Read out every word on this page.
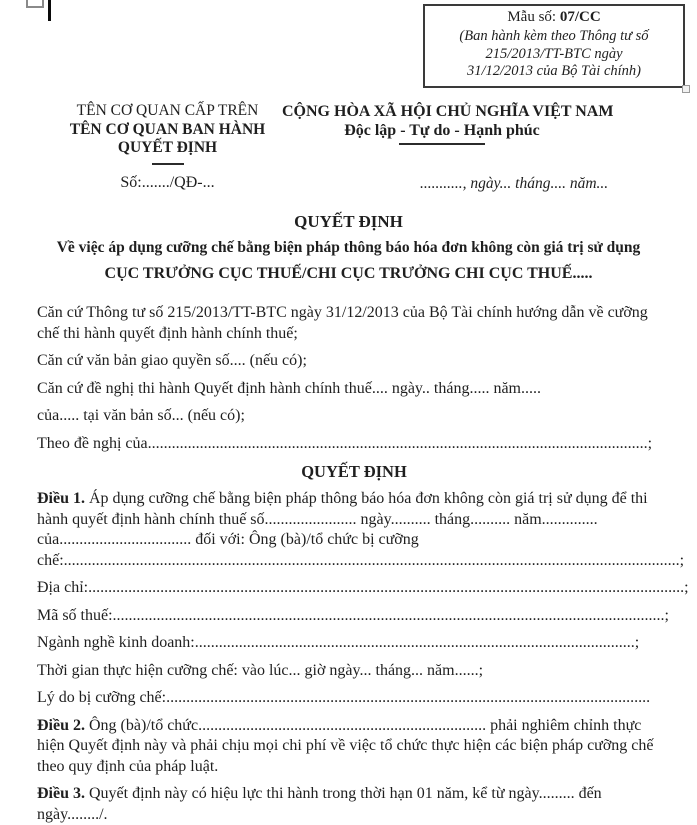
Mẫu số: 07/CC
(Ban hành kèm theo Thông tư số
215/2013/TT-BTC ngày
31/12/2013 của Bộ Tài chính)
TÊN CƠ QUAN CẤP TRÊN
TÊN CƠ QUAN BAN HÀNH
QUYẾT ĐỊNH
Số:......./QĐ-...
CỘNG HÒA XÃ HỘI CHỦ NGHĨA VIỆT NAM
Độc lập - Tự do - Hạnh phúc
..........., ngày... tháng.... năm...
QUYẾT ĐỊNH
Về việc áp dụng cưỡng chế bằng biện pháp thông báo hóa đơn không còn giá trị sử dụng
CỤC TRƯỞNG CỤC THUẾ/CHI CỤC TRƯỞNG CHI CỤC THUẾ.....
Căn cứ Thông tư số 215/2013/TT-BTC ngày 31/12/2013 của Bộ Tài chính hướng dẫn về cưỡng
chế thi hành quyết định hành chính thuế;
Căn cứ văn bản giao quyền số.... (nếu có);
Căn cứ đề nghị thi hành Quyết định hành chính thuế.... ngày.. tháng..... năm.....
của..... tại văn bản số... (nếu có);
Theo đề nghị của.............................................................................................................................;
QUYẾT ĐỊNH
Điều 1. Áp dụng cưỡng chế bằng biện pháp thông báo hóa đơn không còn giá trị sử dụng để thi
hành quyết định hành chính thuế số....................... ngày.......... tháng.......... năm..............
của................................. đối với: Ông (bà)/tổ chức bị cưỡng
chế:..........................................................................................................................................................;
Địa chỉ:.....................................................................................................................................................;
Mã số thuế:..........................................................................................................................................;
Ngành nghề kinh doanh:..............................................................................................................;
Thời gian thực hiện cưỡng chế: vào lúc... giờ ngày... tháng... năm......;
Lý do bị cưỡng chế:.........................................................................................................................
Điều 2. Ông (bà)/tổ chức........................................................................ phải nghiêm chỉnh thực
hiện Quyết định này và phải chịu mọi chi phí về việc tổ chức thực hiện các biện pháp cưỡng chế
theo quy định của pháp luật.
Điều 3. Quyết định này có hiệu lực thi hành trong thời hạn 01 năm, kể từ ngày......... đến
ngày......../.
